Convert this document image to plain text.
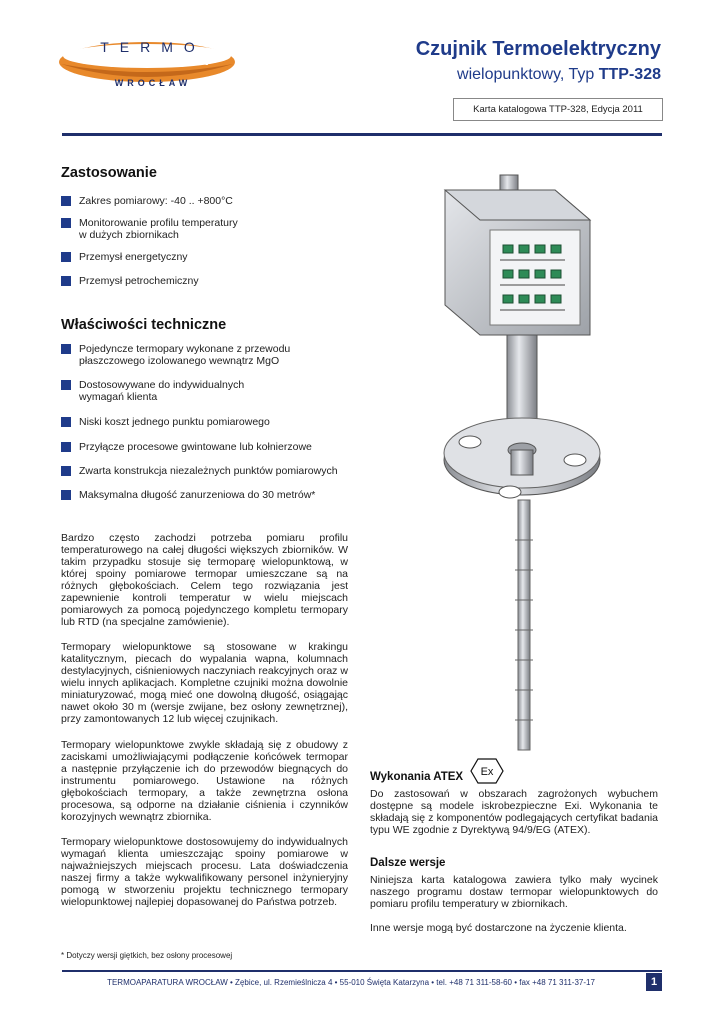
TERMO
APARATURA
WROCŁAW
Czujnik Termoelektryczny
wielopunktowy, Typ TTP-328
Karta katalogowa TTP-328, Edycja 2011
Zastosowanie
Zakres pomiarowy: -40 .. +800°C
Monitorowanie profilu temperatury
w dużych zbiornikach
Przemysł energetyczny
Przemysł petrochemiczny
Właściwości techniczne
Pojedyncze termopary wykonane z przewodu
płaszczowego izolowanego wewnątrz MgO
Dostosowywane do indywidualnych
wymagań klienta
Niski koszt jednego punktu pomiarowego
Przyłącze procesowe gwintowane lub kołnierzowe
Zwarta konstrukcja niezależnych punktów pomiarowych
Maksymalna długość zanurzeniowa do 30 metrów*

Bardzo często zachodzi potrzeba pomiaru profilu temperaturowego na całej długości większych zbiorników. W takim przypadku stosuje się termoparę wielopunktową, w której spoiny pomiarowe termopar umieszczane są na różnych głębokościach. Celem tego rozwiązania jest zapewnienie kontroli temperatur w wielu miejscach pomiarowych za pomocą pojedynczego kompletu termopary lub RTD (na specjalne zamówienie).

Termopary wielopunktowe są stosowane w krakingu katalitycznym, piecach do wypalania wapna, kolumnach destylacyjnych, ciśnieniowych naczyniach reakcyjnych oraz w wielu innych aplikacjach. Kompletne czujniki można dowolnie miniaturyzować, mogą mieć one dowolną długość, osiągając nawet około 30 m (wersje zwijane, bez osłony zewnętrznej), przy zamontowanych 12 lub więcej czujnikach.

Termopary wielopunktowe zwykle składają się z obudowy z zaciskami umożliwiającymi podłączenie końcówek termopar a następnie przyłączenie ich do przewodów biegnących do instrumentu pomiarowego. Ustawione na różnych głębokościach termopary, a także zewnętrzna osłona procesowa, są odporne na działanie ciśnienia i czynników korozyjnych wewnątrz zbiornika.

Termopary wielopunktowe dostosowujemy do indywidualnych wymagań klienta umieszczając spoiny pomiarowe w najważniejszych miejscach procesu. Lata doświadczenia naszej firmy a także wykwalifikowany personel inżynieryjny pomogą w stworzeniu projektu technicznego termopary wielopunktowej najlepiej dopasowanej do Państwa potrzeb.

Wykonania ATEX Ex

Do zastosowań w obszarach zagrożonych wybuchem dostępne są modele iskrobezpieczne Exi. Wykonania te składają się z komponentów podlegających certyfikat badania typu WE zgodnie z Dyrektywą 94/9/EG (ATEX).

Dalsze wersje

Niniejsza karta katalogowa zawiera tylko mały wycinek naszego programu dostaw termopar wielopunktowych do pomiaru profilu temperatury w zbiornikach.

Inne wersje mogą być dostarczone na życzenie klienta.

* Dotyczy wersji giętkich, bez osłony procesowej
TERMOAPARATURA WROCŁAW • Zębice, ul. Rzemieślnicza 4 • 55-010 Święta Katarzyna • tel. +48 71 311-58-60 • fax +48 71 311-37-17	1
